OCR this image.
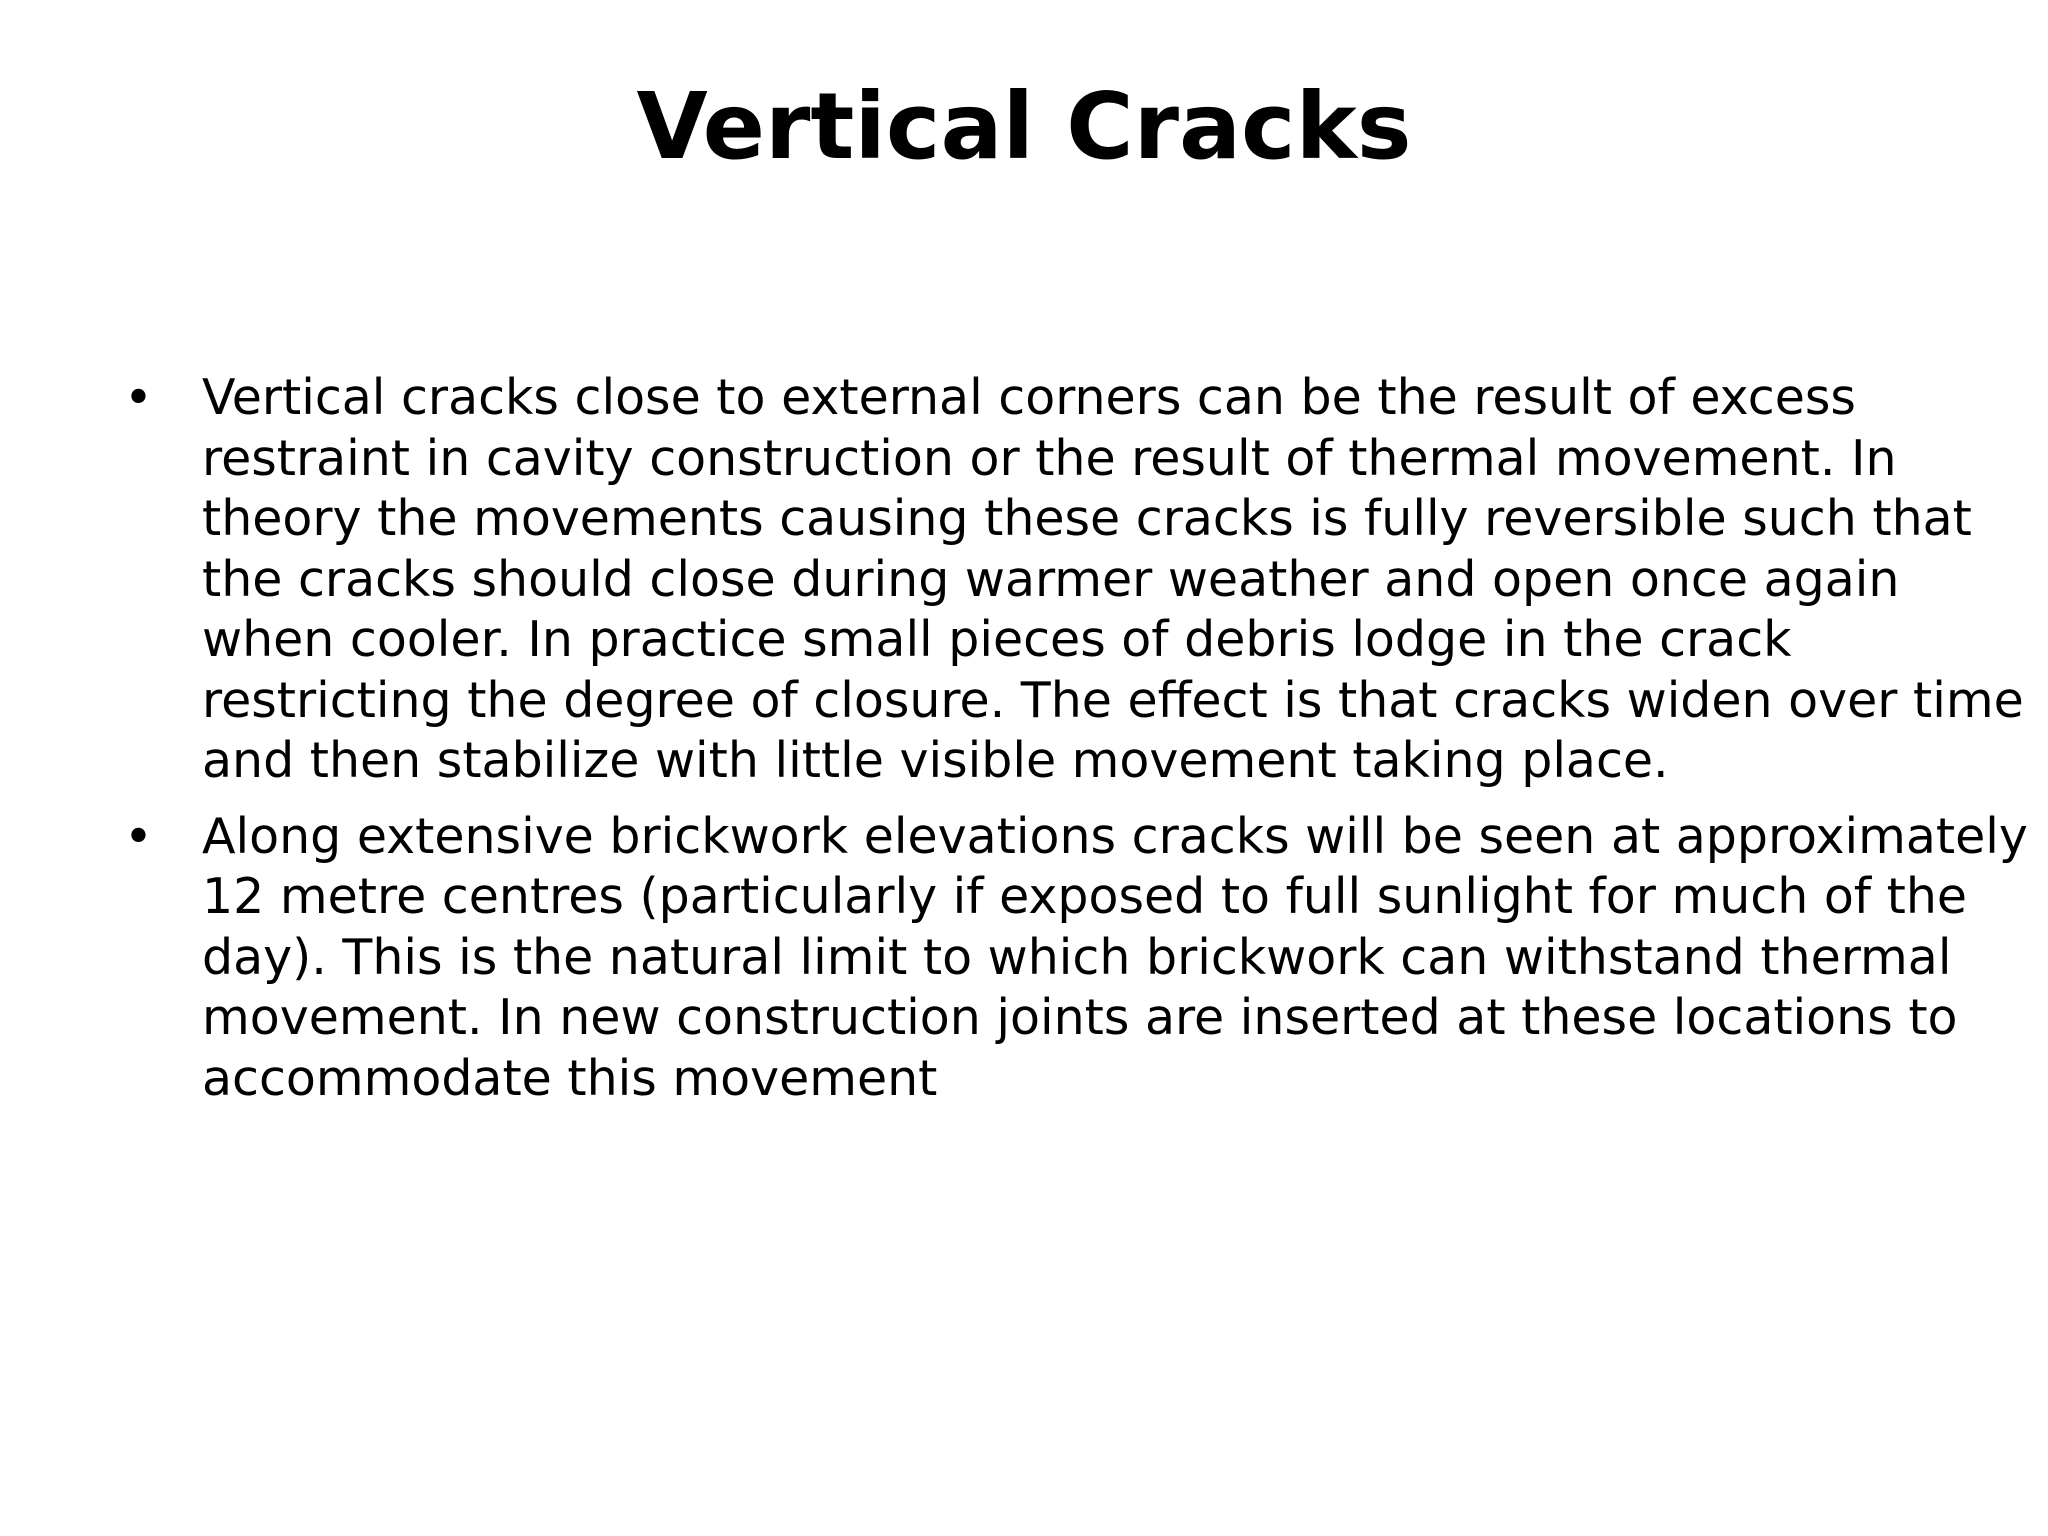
Vertical Cracks
• Vertical cracks close to external corners can be the result of excess restraint in cavity construction or the result of thermal movement. In theory the movements causing these cracks is fully reversible such that the cracks should close during warmer weather and open once again when cooler. In practice small pieces of debris lodge in the crack restricting the degree of closure. The effect is that cracks widen over time and then stabilize with little visible movement taking place.
• Along extensive brickwork elevations cracks will be seen at approximately 12 metre centres (particularly if exposed to full sunlight for much of the day). This is the natural limit to which brickwork can withstand thermal movement. In new construction joints are inserted at these locations to accommodate this movement
